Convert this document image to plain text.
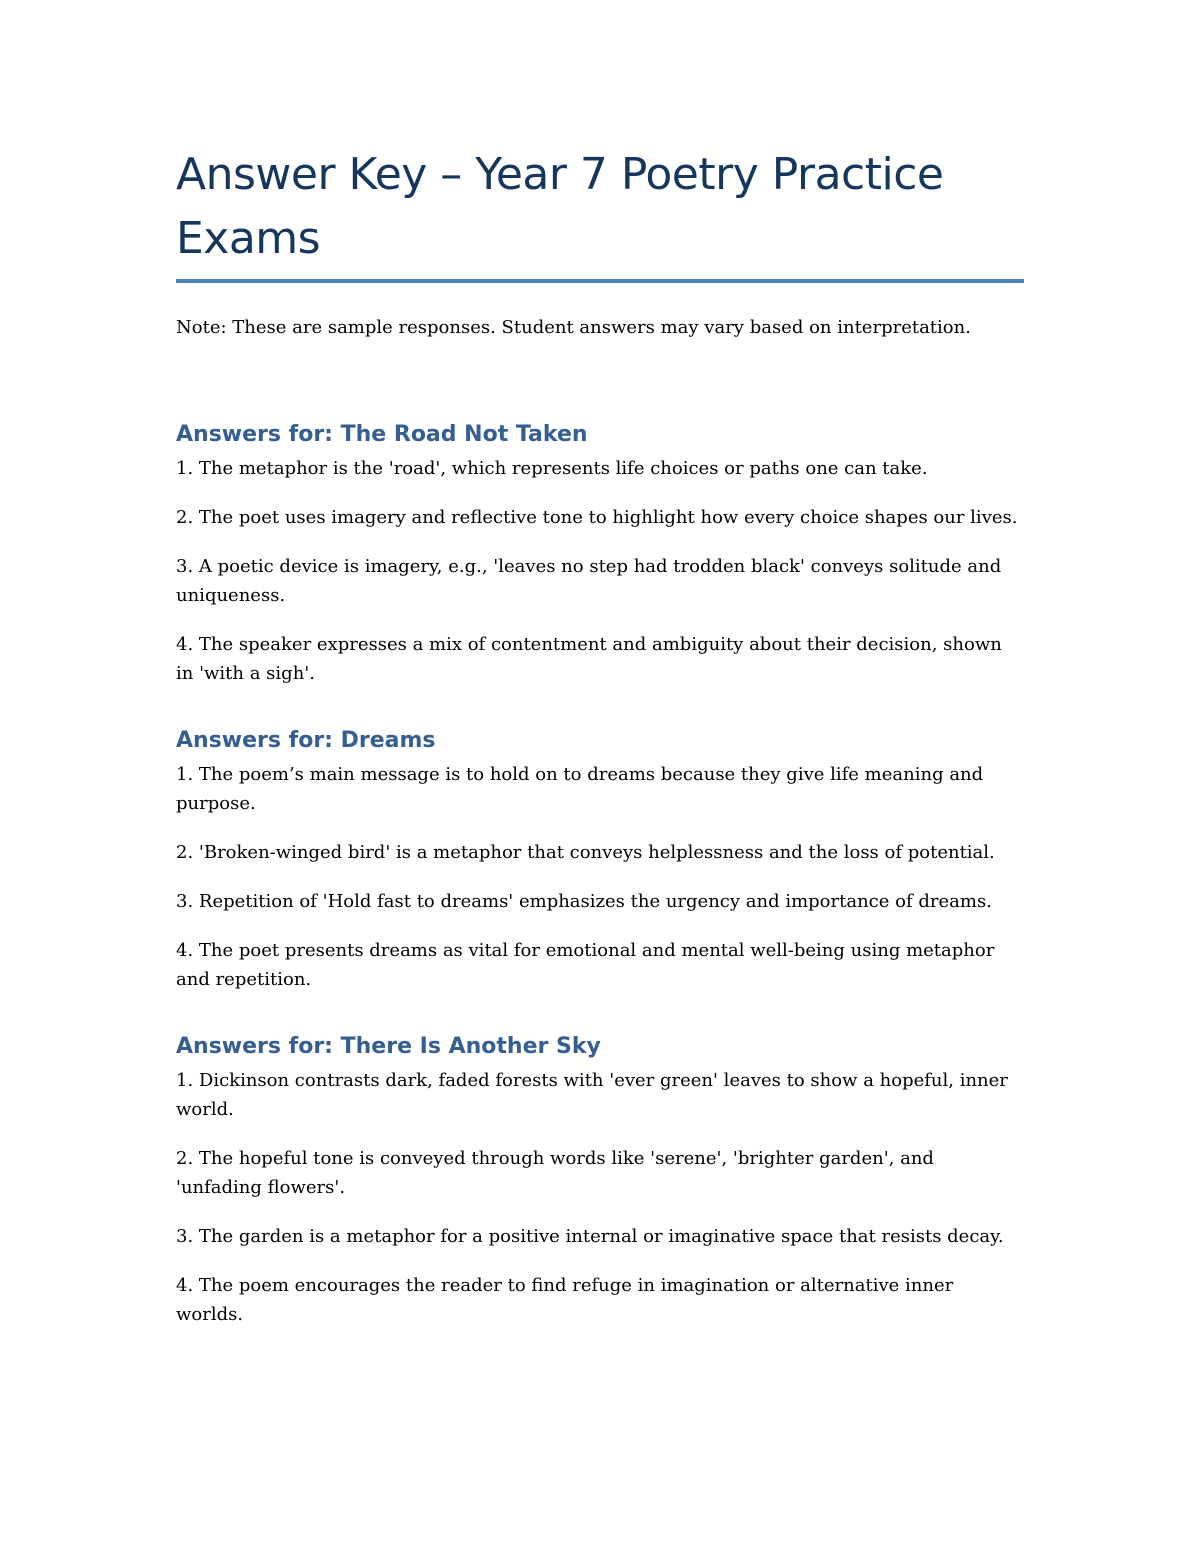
Answer Key – Year 7 Poetry Practice Exams

Note: These are sample responses. Student answers may vary based on interpretation.

Answers for: The Road Not Taken

1. The metaphor is the 'road', which represents life choices or paths one can take.

2. The poet uses imagery and reflective tone to highlight how every choice shapes our lives.

3. A poetic device is imagery, e.g., 'leaves no step had trodden black' conveys solitude and uniqueness.

4. The speaker expresses a mix of contentment and ambiguity about their decision, shown in 'with a sigh'.

Answers for: Dreams

1. The poem’s main message is to hold on to dreams because they give life meaning and purpose.

2. 'Broken-winged bird' is a metaphor that conveys helplessness and the loss of potential.

3. Repetition of 'Hold fast to dreams' emphasizes the urgency and importance of dreams.

4. The poet presents dreams as vital for emotional and mental well-being using metaphor and repetition.

Answers for: There Is Another Sky

1. Dickinson contrasts dark, faded forests with 'ever green' leaves to show a hopeful, inner world.

2. The hopeful tone is conveyed through words like 'serene', 'brighter garden', and 'unfading flowers'.

3. The garden is a metaphor for a positive internal or imaginative space that resists decay.

4. The poem encourages the reader to find refuge in imagination or alternative inner worlds.
